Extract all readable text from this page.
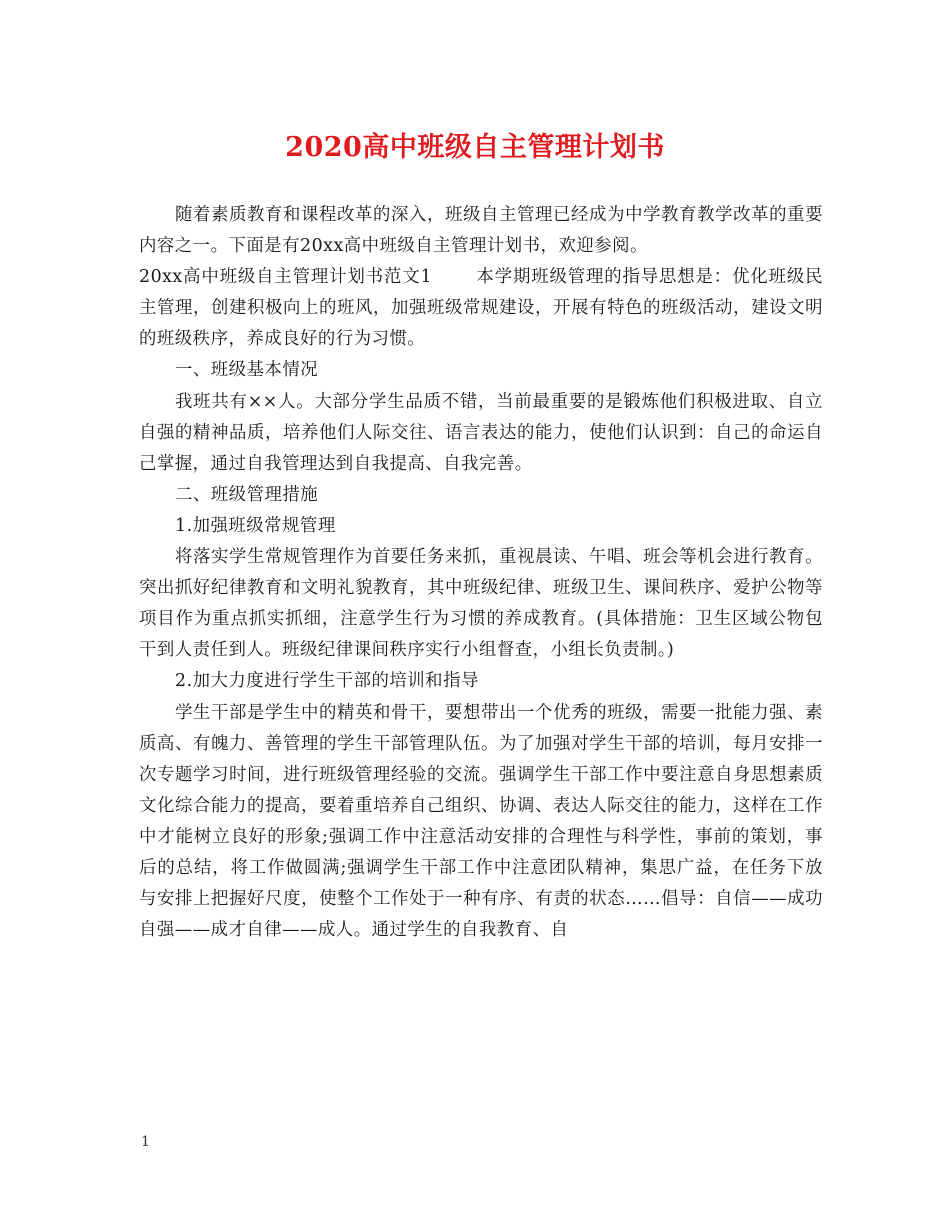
2020高中班级自主管理计划书

随着素质教育和课程改革的深入，班级自主管理已经成为中学教育教学改革的重要内容之一。下面是有20xx高中班级自主管理计划书，欢迎参阅。

20xx高中班级自主管理计划书范文1	本学期班级管理的指导思想是：优化班级民主管理，创建积极向上的班风，加强班级常规建设，开展有特色的班级活动，建设文明的班级秩序，养成良好的行为习惯。

一、班级基本情况

我班共有××人。大部分学生品质不错，当前最重要的是锻炼他们积极进取、自立自强的精神品质，培养他们人际交往、语言表达的能力，使他们认识到：自己的命运自己掌握，通过自我管理达到自我提高、自我完善。

二、班级管理措施

1.加强班级常规管理

将落实学生常规管理作为首要任务来抓，重视晨读、午唱、班会等机会进行教育。突出抓好纪律教育和文明礼貌教育，其中班级纪律、班级卫生、课间秩序、爱护公物等项目作为重点抓实抓细，注意学生行为习惯的养成教育。(具体措施：卫生区域公物包干到人责任到人。班级纪律课间秩序实行小组督查，小组长负责制。)

2.加大力度进行学生干部的培训和指导

学生干部是学生中的精英和骨干，要想带出一个优秀的班级，需要一批能力强、素质高、有魄力、善管理的学生干部管理队伍。为了加强对学生干部的培训，每月安排一次专题学习时间，进行班级管理经验的交流。强调学生干部工作中要注意自身思想素质文化综合能力的提高，要着重培养自己组织、协调、表达人际交往的能力，这样在工作中才能树立良好的形象;强调工作中注意活动安排的合理性与科学性，事前的策划，事后的总结，将工作做圆满;强调学生干部工作中注意团队精神，集思广益，在任务下放与安排上把握好尺度，使整个工作处于一种有序、有责的状态……倡导：自信——成功自强——成才自律——成人。通过学生的自我教育、自

1
